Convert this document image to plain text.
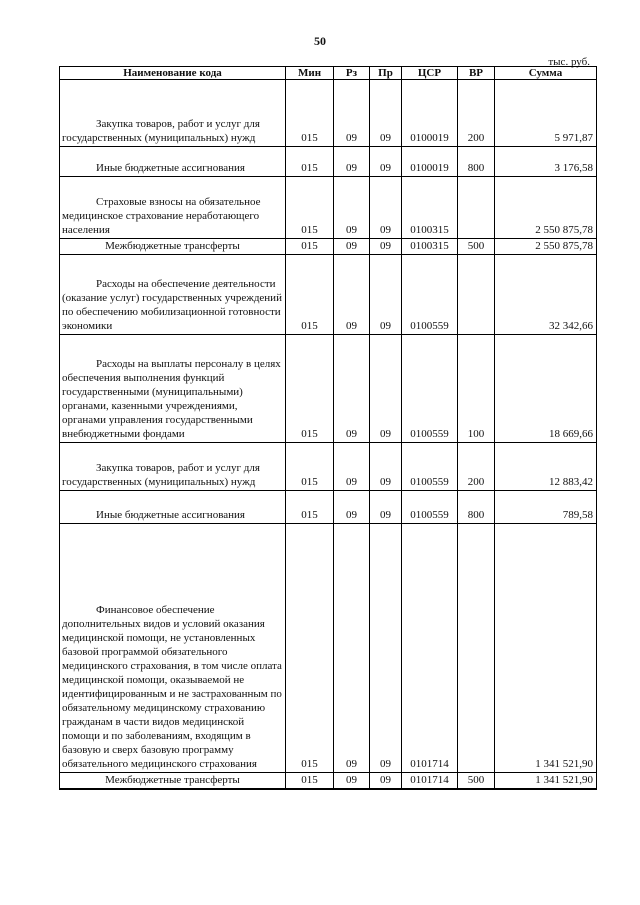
50
тыс. руб.
Наименование кода	Мин	Рз	Пр	ЦСР	ВР	Сумма
Закупка товаров, работ и услуг для государственных (муниципальных) нужд	015	09	09	0100019	200	5 971,87
Иные бюджетные ассигнования	015	09	09	0100019	800	3 176,58
Страховые взносы на обязательное медицинское страхование неработающего населения	015	09	09	0100315		2 550 875,78
Межбюджетные трансферты	015	09	09	0100315	500	2 550 875,78
Расходы на обеспечение деятельности (оказание услуг) государственных учреждений по обеспечению мобилизационной готовности экономики	015	09	09	0100559		32 342,66
Расходы на выплаты персоналу в целях обеспечения выполнения функций государственными (муниципальными) органами, казенными учреждениями, органами управления государственными внебюджетными фондами	015	09	09	0100559	100	18 669,66
Закупка товаров, работ и услуг для государственных (муниципальных) нужд	015	09	09	0100559	200	12 883,42
Иные бюджетные ассигнования	015	09	09	0100559	800	789,58
Финансовое обеспечение дополнительных видов и условий оказания медицинской помощи, не установленных базовой программой обязательного медицинского страхования, в том числе оплата медицинской помощи, оказываемой не идентифицированным и не застрахованным по обязательному медицинскому страхованию гражданам в части видов медицинской помощи и по заболеваниям, входящим в базовую и сверх базовую программу обязательного медицинского страхования	015	09	09	0101714		1 341 521,90
Межбюджетные трансферты	015	09	09	0101714	500	1 341 521,90
